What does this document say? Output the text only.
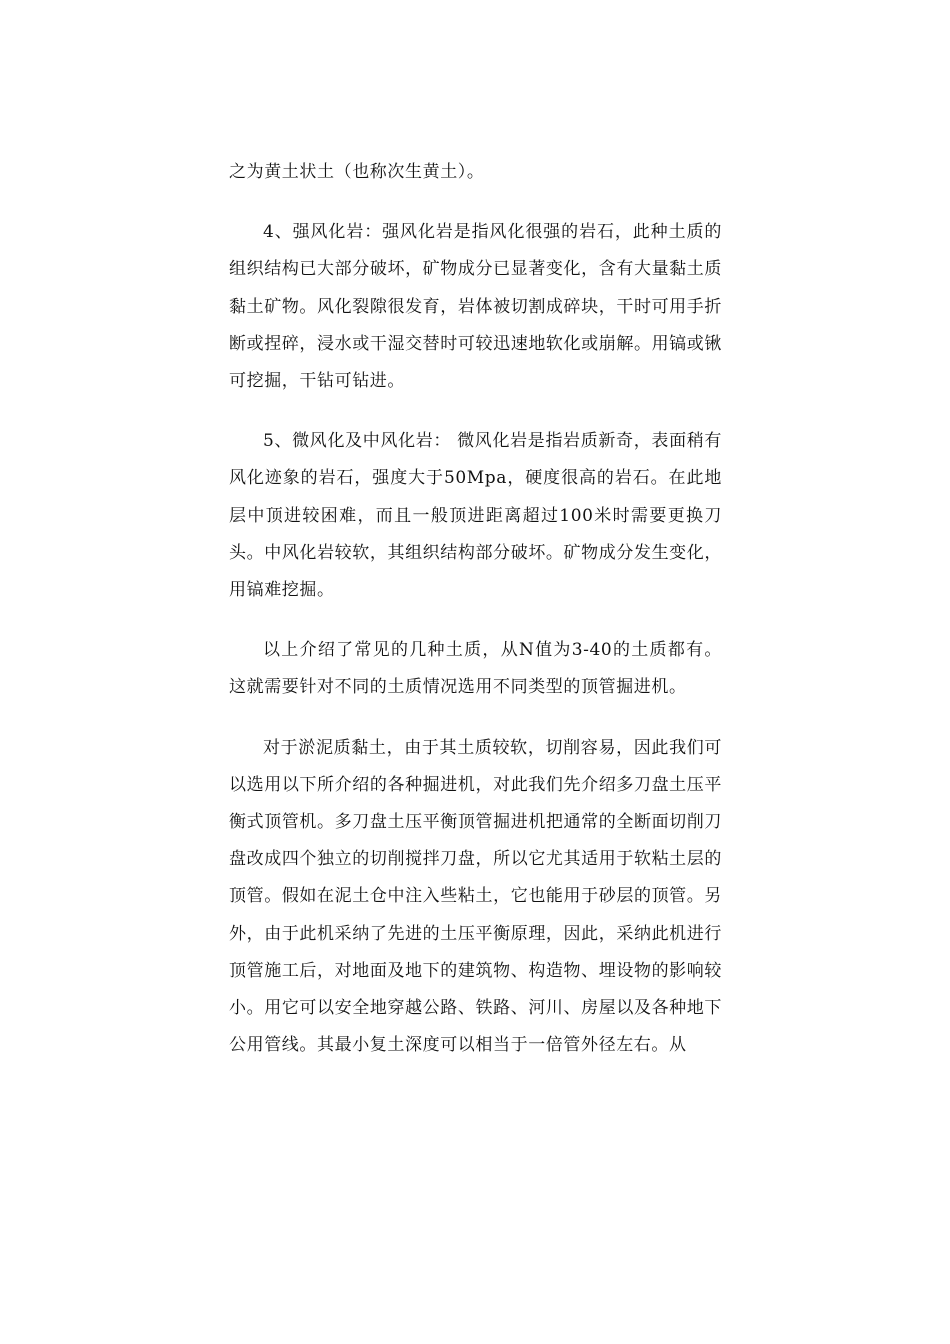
之为黄土状土（也称次生黄土）。

4、强风化岩：强风化岩是指风化很强的岩石，此种土质的组织结构已大部分破坏，矿物成分已显著变化，含有大量黏土质黏土矿物。风化裂隙很发育，岩体被切割成碎块，干时可用手折断或捏碎，浸水或干湿交替时可较迅速地软化或崩解。用镐或锹可挖掘，干钻可钻进。

5、微风化及中风化岩： 微风化岩是指岩质新奇，表面稍有风化迹象的岩石，强度大于50Mpa，硬度很高的岩石。在此地层中顶进较困难，而且一般顶进距离超过100米时需要更换刀头。中风化岩较软，其组织结构部分破坏。矿物成分发生变化，用镐难挖掘。

以上介绍了常见的几种土质，从N值为3-40的土质都有。这就需要针对不同的土质情况选用不同类型的顶管掘进机。

对于淤泥质黏土，由于其土质较软，切削容易，因此我们可以选用以下所介绍的各种掘进机，对此我们先介绍多刀盘土压平衡式顶管机。多刀盘土压平衡顶管掘进机把通常的全断面切削刀盘改成四个独立的切削搅拌刀盘，所以它尤其适用于软粘土层的顶管。假如在泥土仓中注入些粘土，它也能用于砂层的顶管。另外，由于此机采纳了先进的土压平衡原理，因此，采纳此机进行顶管施工后，对地面及地下的建筑物、构造物、埋设物的影响较小。用它可以安全地穿越公路、铁路、河川、房屋以及各种地下公用管线。其最小复土深度可以相当于一倍管外径左右。从
